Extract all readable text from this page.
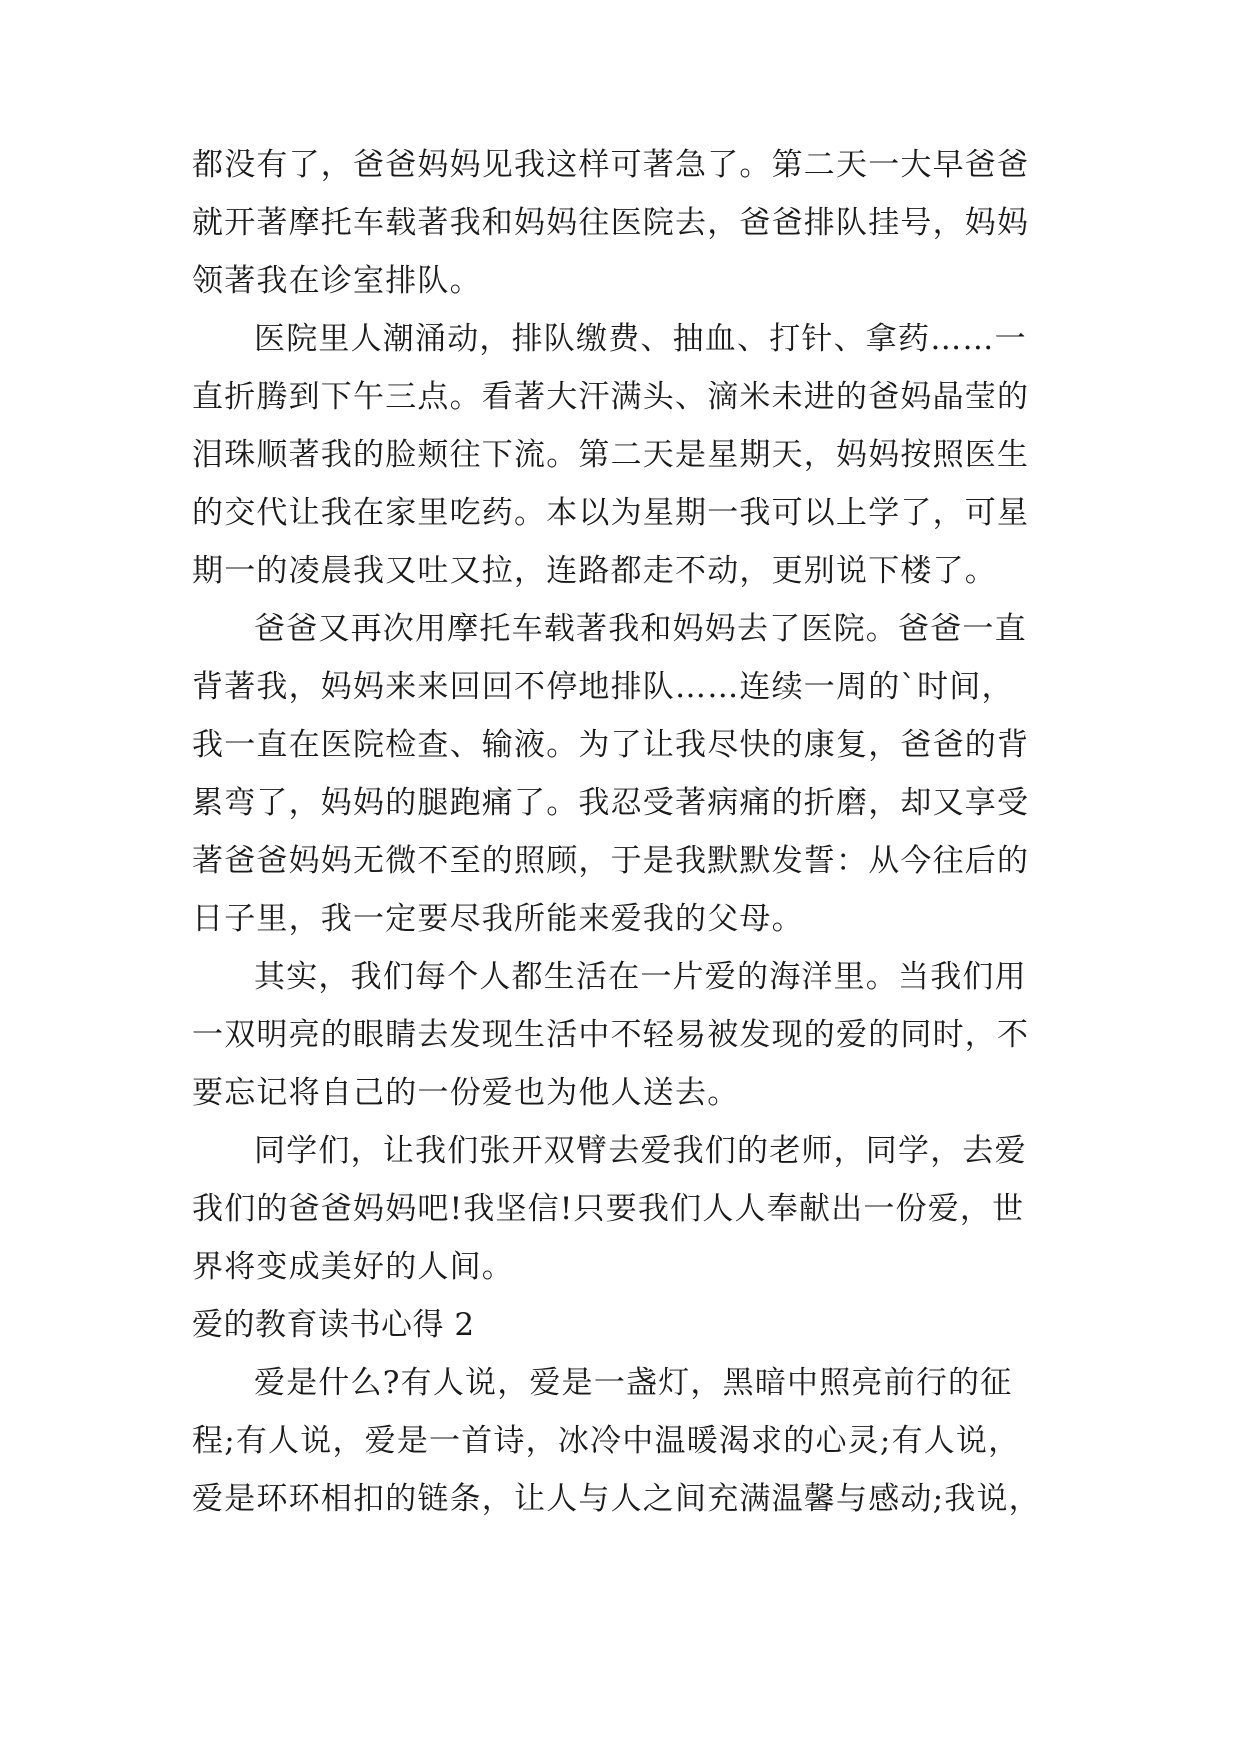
都没有了，爸爸妈妈见我这样可著急了。第二天一大早爸爸
就开著摩托车载著我和妈妈往医院去，爸爸排队挂号，妈妈
领著我在诊室排队。
医院里人潮涌动，排队缴费、抽血、打针、拿药……一
直折腾到下午三点。看著大汗满头、滴米未进的爸妈晶莹的
泪珠顺著我的脸颊往下流。第二天是星期天，妈妈按照医生
的交代让我在家里吃药。本以为星期一我可以上学了，可星
期一的凌晨我又吐又拉，连路都走不动，更别说下楼了。
爸爸又再次用摩托车载著我和妈妈去了医院。爸爸一直
背著我，妈妈来来回回不停地排队……连续一周的`时间，
我一直在医院检查、输液。为了让我尽快的康复，爸爸的背
累弯了，妈妈的腿跑痛了。我忍受著病痛的折磨，却又享受
著爸爸妈妈无微不至的照顾，于是我默默发誓：从今往后的
日子里，我一定要尽我所能来爱我的父母。
其实，我们每个人都生活在一片爱的海洋里。当我们用
一双明亮的眼睛去发现生活中不轻易被发现的爱的同时，不
要忘记将自己的一份爱也为他人送去。
同学们，让我们张开双臂去爱我们的老师，同学，去爱
我们的爸爸妈妈吧!我坚信!只要我们人人奉献出一份爱，世
界将变成美好的人间。
爱的教育读书心得 2
爱是什么?有人说，爱是一盏灯，黑暗中照亮前行的征
程;有人说，爱是一首诗，冰冷中温暖渴求的心灵;有人说，
爱是环环相扣的链条，让人与人之间充满温馨与感动;我说，
